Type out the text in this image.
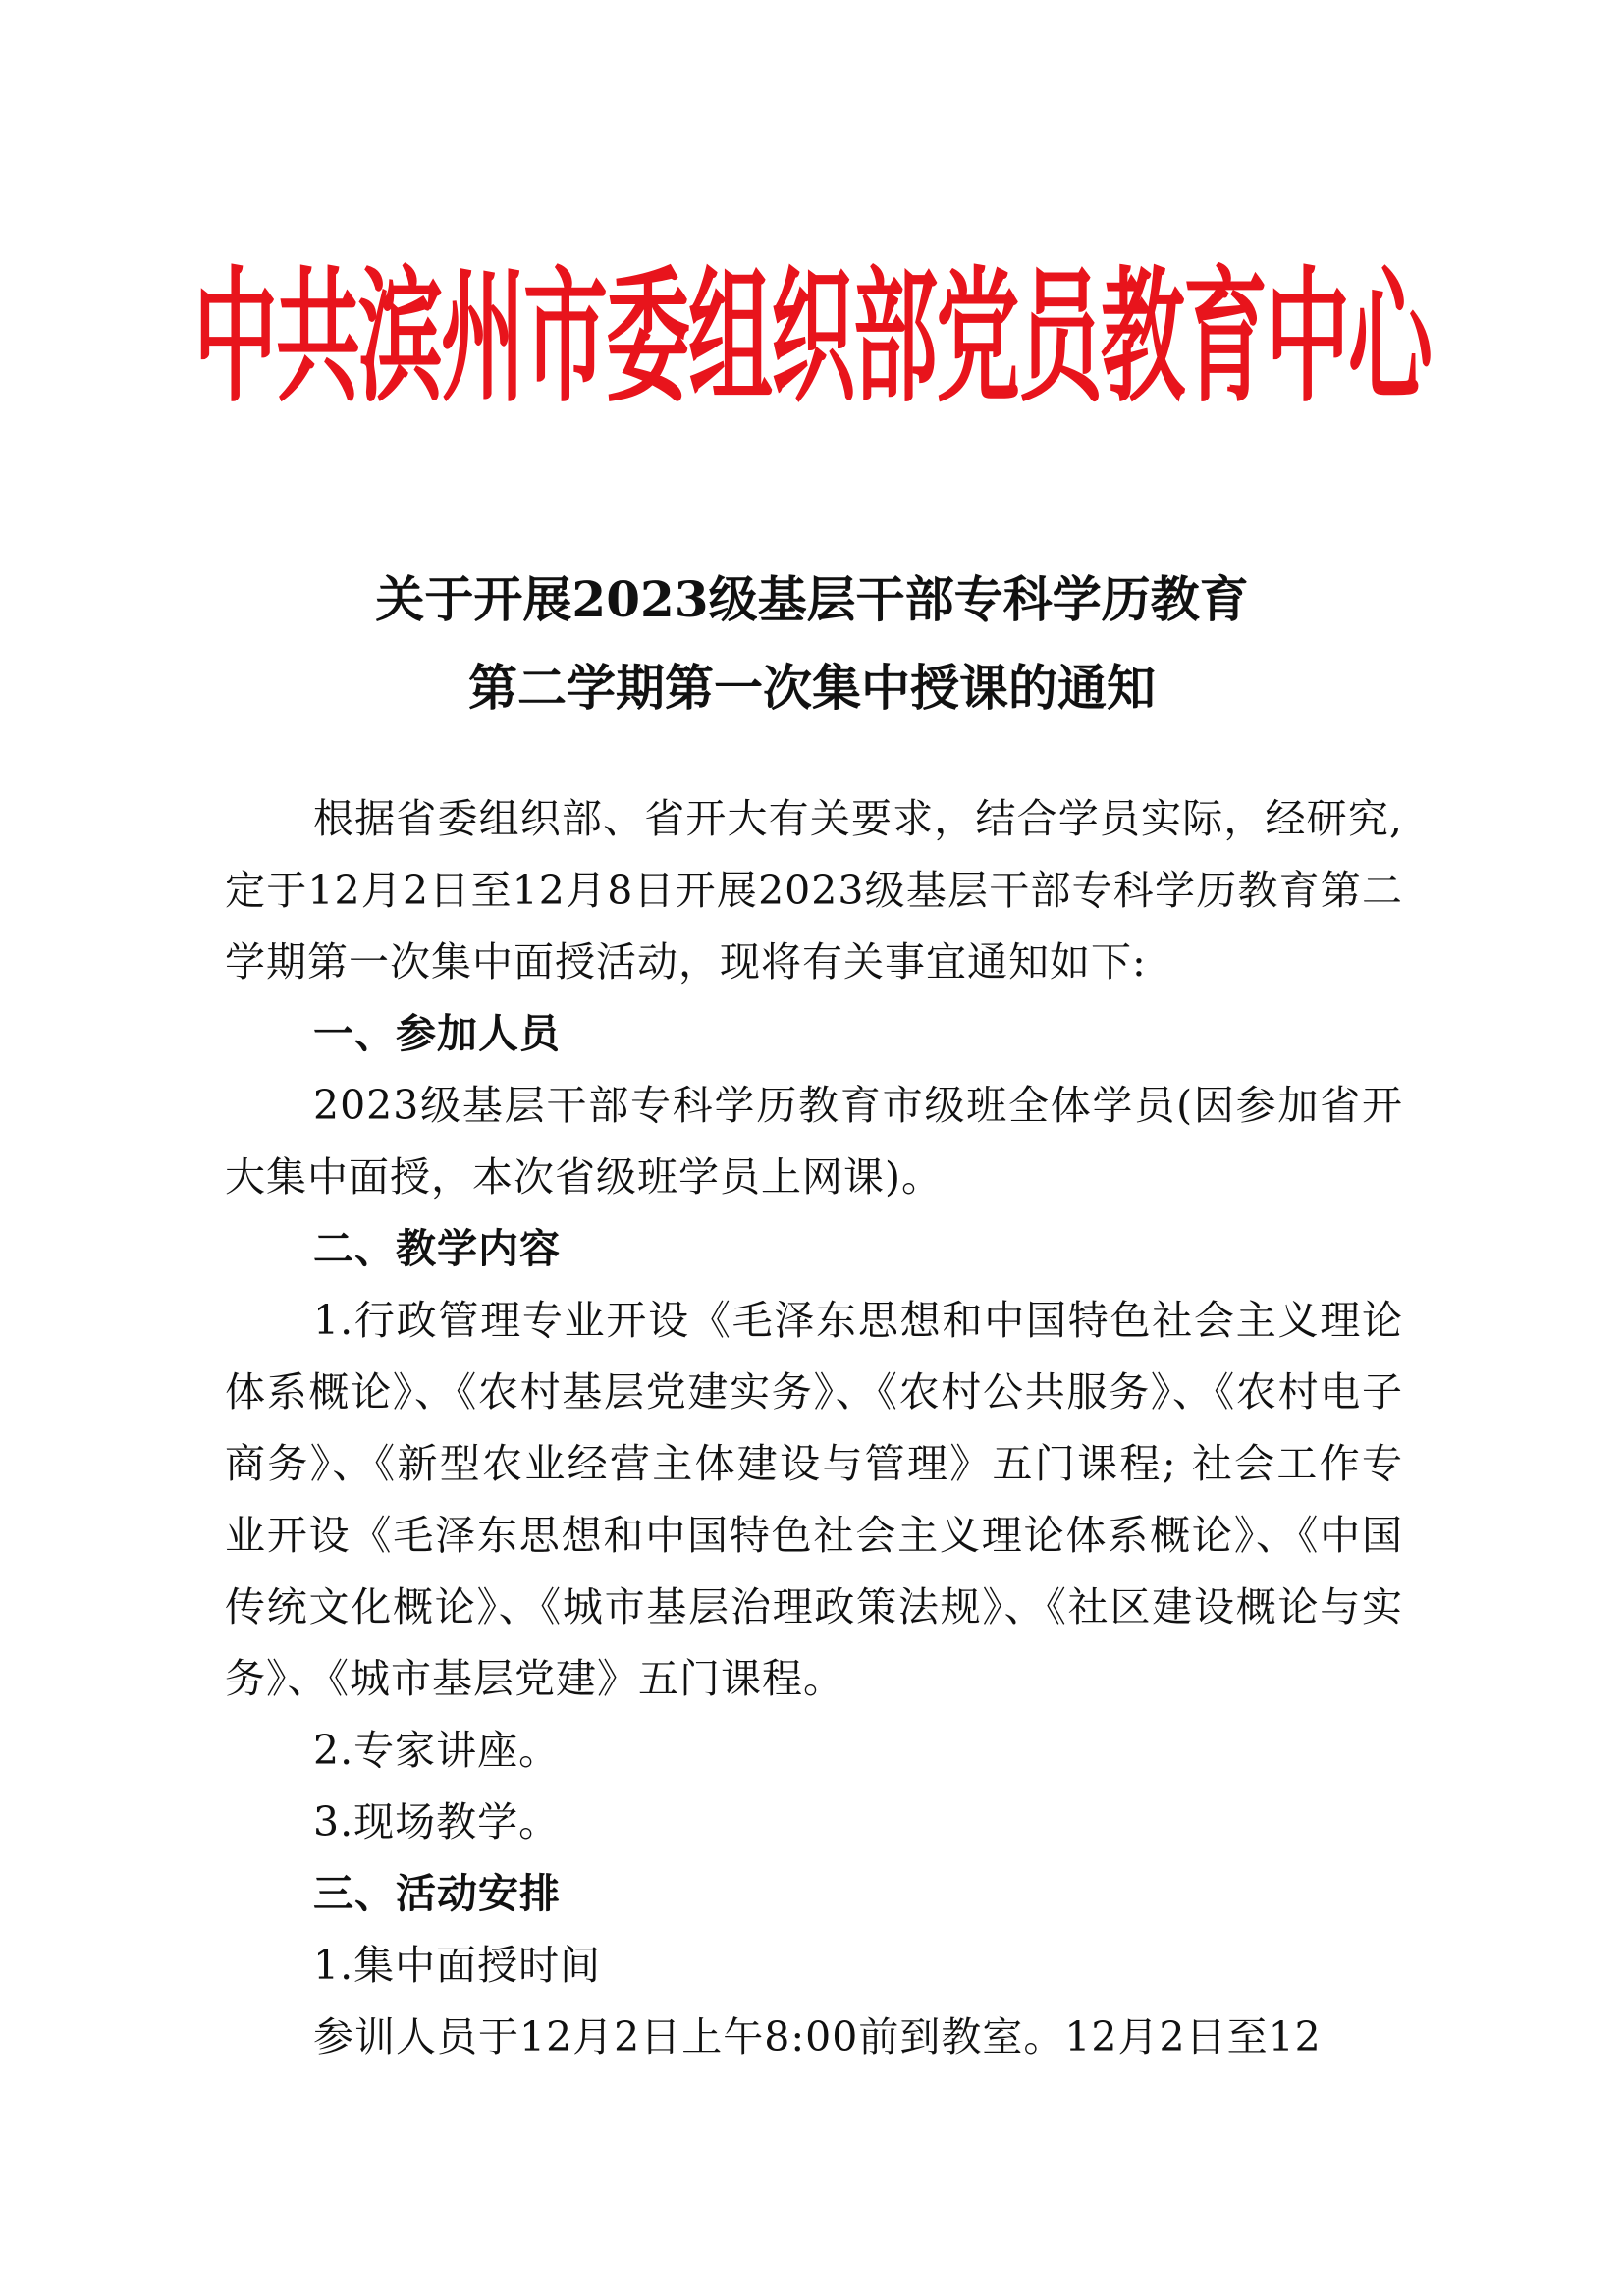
中共滨州市委组织部党员教育中心
关于开展2023级基层干部专科学历教育
第二学期第一次集中授课的通知

根据省委组织部、省开大有关要求，结合学员实际，经研究,定于12月2日至12月8日开展2023级基层干部专科学历教育第二学期第一次集中面授活动，现将有关事宜通知如下:

一、参加人员

2023级基层干部专科学历教育市级班全体学员(因参加省开大集中面授，本次省级班学员上网课)。

二、教学内容

1.行政管理专业开设《毛泽东思想和中国特色社会主义理论体系概论》、《农村基层党建实务》、《农村公共服务》、《农村电子商务》、《新型农业经营主体建设与管理》五门课程; 社会工作专业开设《毛泽东思想和中国特色社会主义理论体系概论》、《中国传统文化概论》、《城市基层治理政策法规》、《社区建设概论与实务》、《城市基层党建》五门课程。

2.专家讲座。

3.现场教学。

三、活动安排

1.集中面授时间

参训人员于12月2日上午8:00前到教室。12月2日至12
